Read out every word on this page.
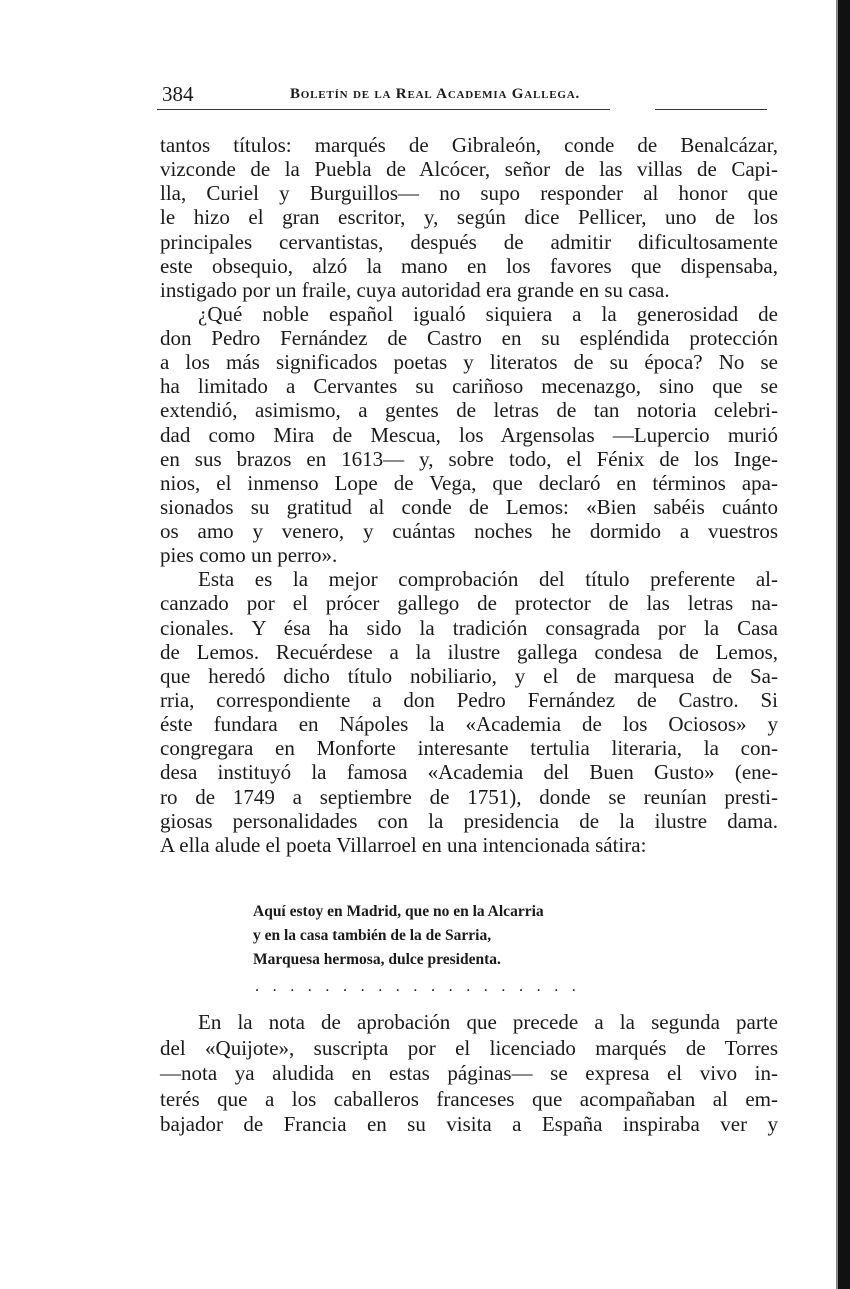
384	Boletín de la Real Academia Gallega.
tantos títulos: marqués de Gibraleón, conde de Benalcázar,
vizconde de la Puebla de Alcócer, señor de las villas de Capi-
lla, Curiel y Burguillos— no supo responder al honor que
le hizo el gran escritor, y, según dice Pellicer, uno de los
principales cervantistas, después de admitir dificultosamente
este obsequio, alzó la mano en los favores que dispensaba,
instigado por un fraile, cuya autoridad era grande en su casa.
¿Qué noble español igualó siquiera a la generosidad de
don Pedro Fernández de Castro en su espléndida protección
a los más significados poetas y literatos de su época? No se
ha limitado a Cervantes su cariñoso mecenazgo, sino que se
extendió, asimismo, a gentes de letras de tan notoria celebri-
dad como Mira de Mescua, los Argensolas —Lupercio murió
en sus brazos en 1613— y, sobre todo, el Fénix de los Inge-
nios, el inmenso Lope de Vega, que declaró en términos apa-
sionados su gratitud al conde de Lemos: «Bien sabéis cuánto
os amo y venero, y cuántas noches he dormido a vuestros
pies como un perro».
Esta es la mejor comprobación del título preferente al-
canzado por el prócer gallego de protector de las letras na-
cionales. Y ésa ha sido la tradición consagrada por la Casa
de Lemos. Recuérdese a la ilustre gallega condesa de Lemos,
que heredó dicho título nobiliario, y el de marquesa de Sa-
rria, correspondiente a don Pedro Fernández de Castro. Si
éste fundara en Nápoles la «Academia de los Ociosos» y
congregara en Monforte interesante tertulia literaria, la con-
desa instituyó la famosa «Academia del Buen Gusto» (ene-
ro de 1749 a septiembre de 1751), donde se reunían presti-
giosas personalidades con la presidencia de la ilustre dama.
A ella alude el poeta Villarroel en una intencionada sátira:
Aquí estoy en Madrid, que no en la Alcarria
y en la casa también de la de Sarria,
Marquesa hermosa, dulce presidenta.
...................
En la nota de aprobación que precede a la segunda parte
del «Quijote», suscripta por el licenciado marqués de Torres
—nota ya aludida en estas páginas— se expresa el vivo in-
terés que a los caballeros franceses que acompañaban al em-
bajador de Francia en su visita a España inspiraba ver y
